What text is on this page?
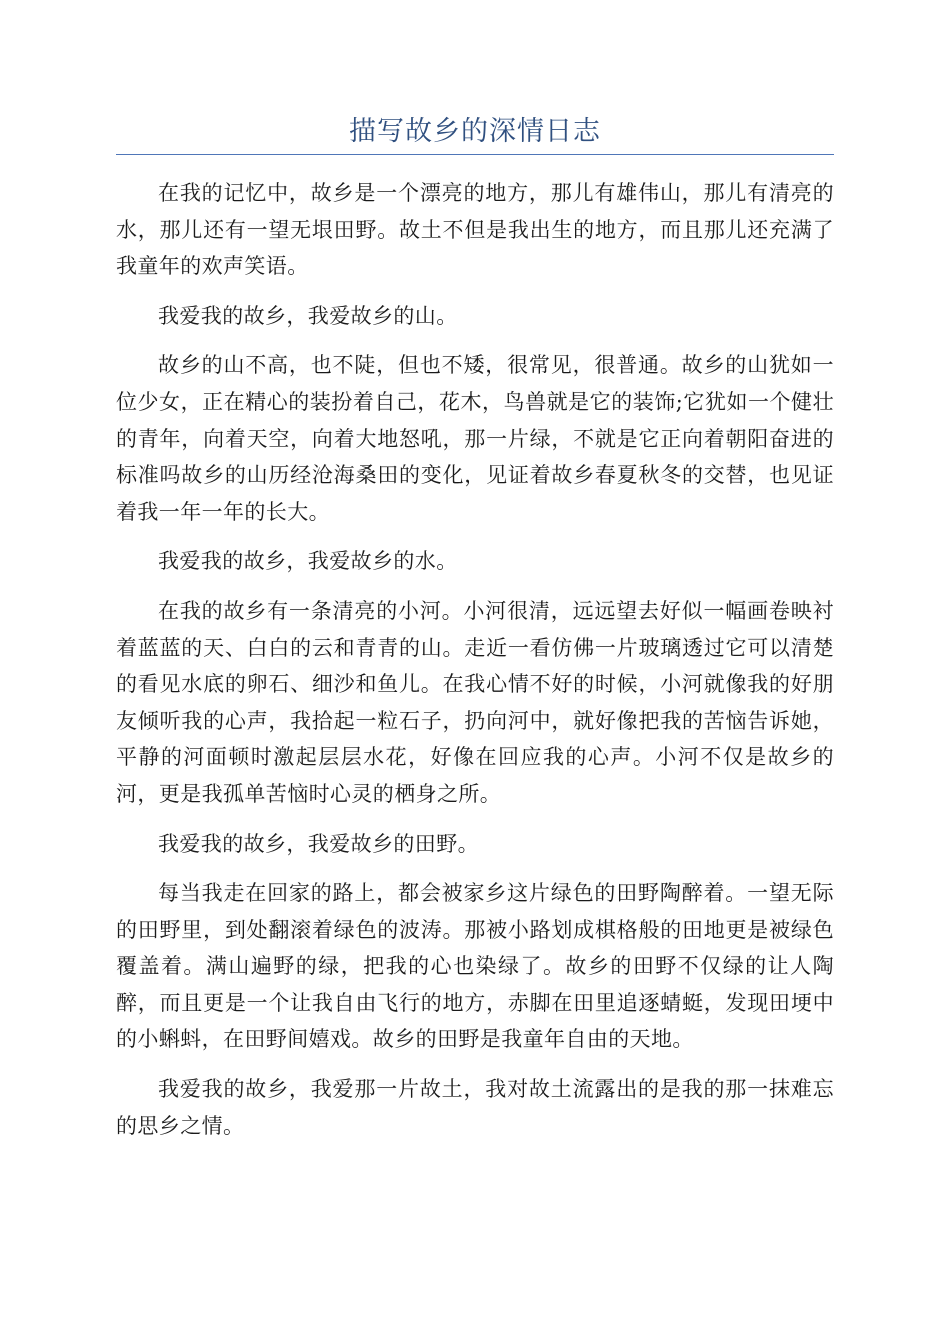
描写故乡的深情日志

在我的记忆中，故乡是一个漂亮的地方，那儿有雄伟山，那儿有清亮的水，那儿还有一望无垠田野。故土不但是我出生的地方，而且那儿还充满了我童年的欢声笑语。

我爱我的故乡，我爱故乡的山。

故乡的山不高，也不陡，但也不矮，很常见，很普通。故乡的山犹如一位少女，正在精心的装扮着自己，花木，鸟兽就是它的装饰;它犹如一个健壮的青年，向着天空，向着大地怒吼，那一片绿，不就是它正向着朝阳奋进的标准吗故乡的山历经沧海桑田的变化，见证着故乡春夏秋冬的交替，也见证着我一年一年的长大。

我爱我的故乡，我爱故乡的水。

在我的故乡有一条清亮的小河。小河很清，远远望去好似一幅画卷映衬着蓝蓝的天、白白的云和青青的山。走近一看仿佛一片玻璃透过它可以清楚的看见水底的卵石、细沙和鱼儿。在我心情不好的时候，小河就像我的好朋友倾听我的心声，我拾起一粒石子，扔向河中，就好像把我的苦恼告诉她，平静的河面顿时激起层层水花，好像在回应我的心声。小河不仅是故乡的河，更是我孤单苦恼时心灵的栖身之所。

我爱我的故乡，我爱故乡的田野。

每当我走在回家的路上，都会被家乡这片绿色的田野陶醉着。一望无际的田野里，到处翻滚着绿色的波涛。那被小路划成棋格般的田地更是被绿色覆盖着。满山遍野的绿，把我的心也染绿了。故乡的田野不仅绿的让人陶醉，而且更是一个让我自由飞行的地方，赤脚在田里追逐蜻蜓，发现田埂中的小蝌蚪，在田野间嬉戏。故乡的田野是我童年自由的天地。

我爱我的故乡，我爱那一片故土，我对故土流露出的是我的那一抹难忘的思乡之情。
